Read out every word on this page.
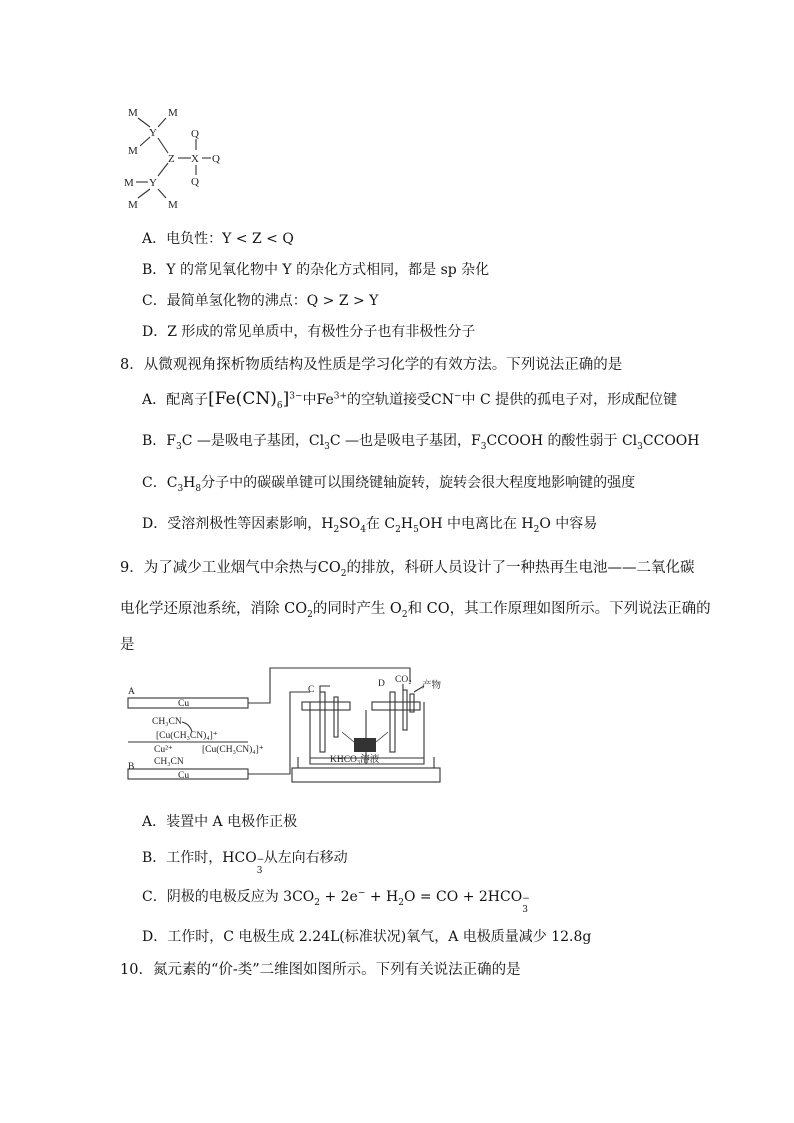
M	M
Y
M
Z X
Q
Q
Q
M Y
M	M
A．电负性：Y < Z < Q
B．Y 的常见氧化物中 Y 的杂化方式相同，都是 sp 杂化
C．最简单氢化物的沸点：Q > Z > Y
D．Z 形成的常见单质中，有极性分子也有非极性分子
8．从微观视角探析物质结构及性质是学习化学的有效方法。下列说法正确的是
A．配离子$[Fe(CN)_6]^{3-}$中$Fe^{3+}$的空轨道接受CN−中 C 提供的孤电子对，形成配位键
B．$F_3C$ —是吸电子基团，$Cl_3C$ —也是吸电子基团，$F_3CCOOH$ 的酸性弱于 $Cl_3CCOOH$
C．$C_3H_8$分子中的碳碳单键可以围绕键轴旋转，旋转会很大程度地影响键的强度
D．受溶剂极性等因素影响，$H_2SO_4$在 $C_2H_5OH$ 中电离比在 $H_2O$ 中容易
9．为了减少工业烟气中余热与$CO_2$的排放，科研人员设计了一种热再生电池——二氧化碳
电化学还原池系统，消除 $CO_2$的同时产生 $O_2$和 CO，其工作原理如图所示。下列说法正确的
是
A
Cu
CH₃CN
[Cu(CH₃CN)₄]⁺
Cu²⁺	[Cu(CH₃CN)₄]⁺
CH₃CN
B
Cu
C
D CO₂
产物
KHCO₃溶液
A．装置中 A 电极作正极
B．工作时，HCO −
3
从左向右移动
C．阴极的电极反应为 $3CO_2 + 2e^- + H_2O$ = CO + 2HCO −
3
D．工作时，C 电极生成 2.24L(标准状况)氧气，A 电极质量减少 12.8g
10．氮元素的“价-类”二维图如图所示。下列有关说法正确的是
